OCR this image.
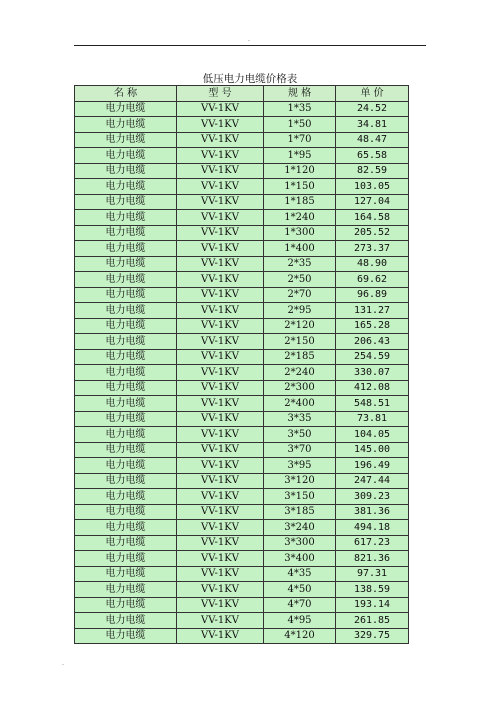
.
低压电力电缆价格表
名 称	型 号	规 格	单 价
电力电缆	VV-1KV	1*35	24.52
电力电缆	VV-1KV	1*50	34.81
电力电缆	VV-1KV	1*70	48.47
电力电缆	VV-1KV	1*95	65.58
电力电缆	VV-1KV	1*120	82.59
电力电缆	VV-1KV	1*150	103.05
电力电缆	VV-1KV	1*185	127.04
电力电缆	VV-1KV	1*240	164.58
电力电缆	VV-1KV	1*300	205.52
电力电缆	VV-1KV	1*400	273.37
电力电缆	VV-1KV	2*35	48.90
电力电缆	VV-1KV	2*50	69.62
电力电缆	VV-1KV	2*70	96.89
电力电缆	VV-1KV	2*95	131.27
电力电缆	VV-1KV	2*120	165.28
电力电缆	VV-1KV	2*150	206.43
电力电缆	VV-1KV	2*185	254.59
电力电缆	VV-1KV	2*240	330.07
电力电缆	VV-1KV	2*300	412.08
电力电缆	VV-1KV	2*400	548.51
电力电缆	VV-1KV	3*35	73.81
电力电缆	VV-1KV	3*50	104.05
电力电缆	VV-1KV	3*70	145.00
电力电缆	VV-1KV	3*95	196.49
电力电缆	VV-1KV	3*120	247.44
电力电缆	VV-1KV	3*150	309.23
电力电缆	VV-1KV	3*185	381.36
电力电缆	VV-1KV	3*240	494.18
电力电缆	VV-1KV	3*300	617.23
电力电缆	VV-1KV	3*400	821.36
电力电缆	VV-1KV	4*35	97.31
电力电缆	VV-1KV	4*50	138.59
电力电缆	VV-1KV	4*70	193.14
电力电缆	VV-1KV	4*95	261.85
电力电缆	VV-1KV	4*120	329.75
.
